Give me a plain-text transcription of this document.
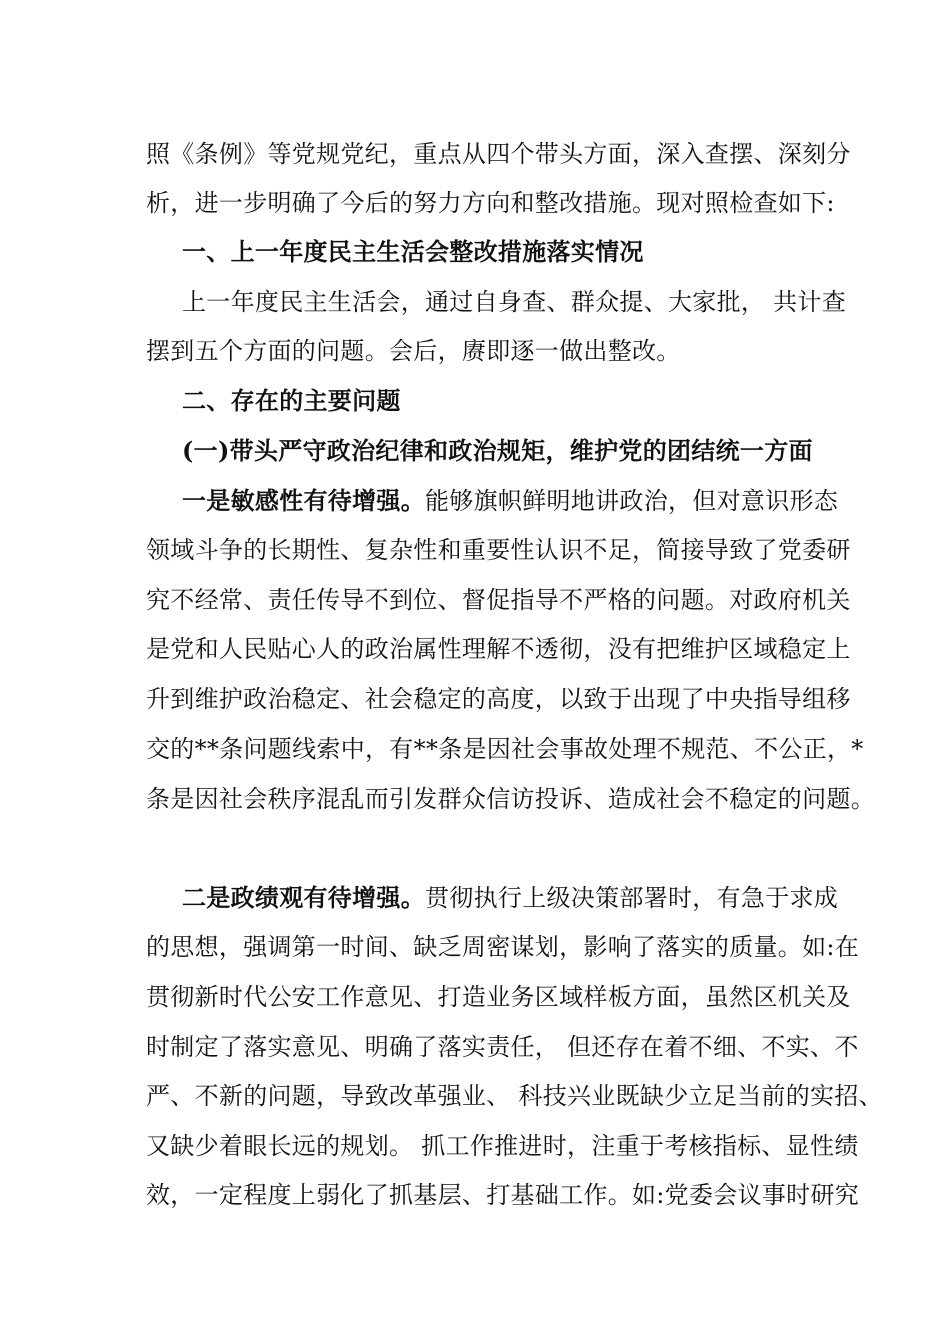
照《条例》等党规党纪，重点从四个带头方面，深入查摆、深刻分
析，进一步明确了今后的努力方向和整改措施。现对照检查如下:
一、上一年度民主生活会整改措施落实情况
上一年度民主生活会，通过自身查、群众提、大家批， 共计查
摆到五个方面的问题。会后，赓即逐一做出整改。
二、存在的主要问题
(一)带头严守政治纪律和政治规矩，维护党的团结统一方面
一是敏感性有待增强。能够旗帜鲜明地讲政治，但对意识形态
领域斗争的长期性、复杂性和重要性认识不足，简接导致了党委研
究不经常、责任传导不到位、督促指导不严格的问题。对政府机关
是党和人民贴心人的政治属性理解不透彻，没有把维护区域稳定上
升到维护政治稳定、社会稳定的高度，以致于出现了中央指导组移
交的**条问题线索中，有**条是因社会事故处理不规范、不公正，*
条是因社会秩序混乱而引发群众信访投诉、造成社会不稳定的问题。
二是政绩观有待增强。贯彻执行上级决策部署时，有急于求成
的思想，强调第一时间、缺乏周密谋划，影响了落实的质量。如:在
贯彻新时代公安工作意见、打造业务区域样板方面，虽然区机关及
时制定了落实意见、明确了落实责任， 但还存在着不细、不实、不
严、不新的问题，导致改革强业、 科技兴业既缺少立足当前的实招、
又缺少着眼长远的规划。 抓工作推进时，注重于考核指标、显性绩
效，一定程度上弱化了抓基层、打基础工作。如:党委会议事时研究
